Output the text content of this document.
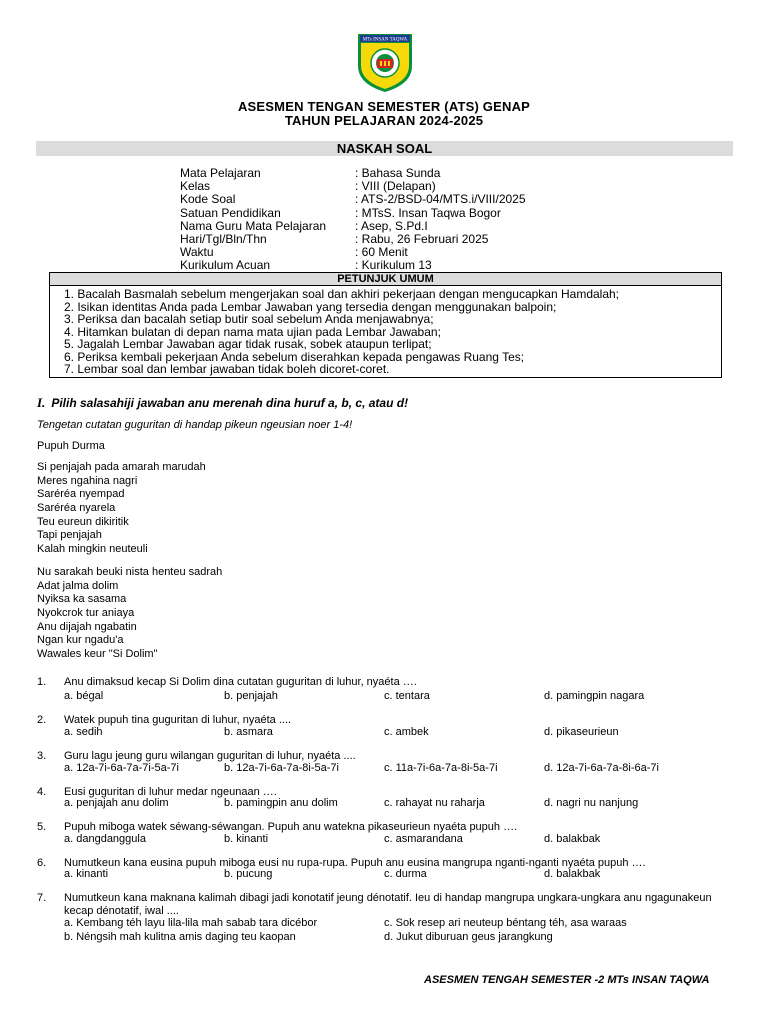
MTs INSAN TAQWA
ASESMEN TENGAN SEMESTER (ATS) GENAP
TAHUN PELAJARAN 2024-2025
NASKAH SOAL
Mata Pelajaran	: Bahasa Sunda
Kelas	: VIII (Delapan)
Kode Soal	: ATS-2/BSD-04/MTS.i/VIII/2025
Satuan Pendidikan	: MTsS. Insan Taqwa Bogor
Nama Guru Mata Pelajaran : Asep, S.Pd.I
Hari/Tgl/Bln/Thn	: Rabu, 26 Februari 2025
Waktu	: 60 Menit
Kurikulum Acuan	: Kurikulum 13
PETUNJUK UMUM
1. Bacalah Basmalah sebelum mengerjakan soal dan akhiri pekerjaan dengan mengucapkan Hamdalah;
2. Isikan identitas Anda pada Lembar Jawaban yang tersedia dengan menggunakan balpoin;
3. Periksa dan bacalah setiap butir soal sebelum Anda menjawabnya;
4. Hitamkan bulatan di depan nama mata ujian pada Lembar Jawaban;
5. Jagalah Lembar Jawaban agar tidak rusak, sobek ataupun terlipat;
6. Periksa kembali pekerjaan Anda sebelum diserahkan kepada pengawas Ruang Tes;
7. Lembar soal dan lembar jawaban tidak boleh dicoret-coret.
I. Pilih salasahiji jawaban anu merenah dina huruf a, b, c, atau d!
Tengetan cutatan guguritan di handap pikeun ngeusian noer 1-4!
Pupuh Durma
Si penjajah pada amarah marudah
Meres ngahina nagri
Saréréa nyempad
Saréréa nyarela
Teu eureun dikiritik
Tapi penjajah
Kalah mingkin neuteuli
Nu sarakah beuki nista henteu sadrah
Adat jalma dolim
Nyiksa ka sasama
Nyokcrok tur aniaya
Anu dijajah ngabatin
Ngan kur ngadu'a
Wawales keur "Si Dolim"
1. Anu dimaksud kecap Si Dolim dina cutatan guguritan di luhur, nyaéta ….
a. bégal	b. penjajah	c. tentara	d. pamingpin nagara
2. Watek pupuh tina guguritan di luhur, nyaéta ....
a. sedih	b. asmara	c. ambek	d. pikaseurieun
3. Guru lagu jeung guru wilangan guguritan di luhur, nyaéta ....
a. 12a-7i-6a-7a-7i-5a-7i	b. 12a-7i-6a-7a-8i-5a-7i	c. 11a-7i-6a-7a-8i-5a-7i	d. 12a-7i-6a-7a-8i-6a-7i
4. Eusi guguritan di luhur medar ngeunaan ….
a. penjajah anu dolim	b. pamingpin anu dolim	c. rahayat nu raharja	d. nagri nu nanjung
5. Pupuh miboga watek séwang-séwangan. Pupuh anu watekna pikaseurieun nyaéta pupuh ….
a. dangdanggula	b. kinanti	c. asmarandana	d. balakbak
6. Numutkeun kana eusina pupuh miboga eusi nu rupa-rupa. Pupuh anu eusina mangrupa nganti-nganti nyaéta pupuh ….
a. kinanti	b. pucung	c. durma	d. balakbak
7. Numutkeun kana maknana kalimah dibagi jadi konotatif jeung dénotatif. Ieu di handap mangrupa ungkara-ungkara anu ngagunakeun
kecap dénotatif, iwal ....
a. Kembang téh layu lila-lila mah sabab tara dicébor	c. Sok resep ari neuteup béntang téh, asa waraas
b. Néngsih mah kulitna amis daging teu kaopan	d. Jukut diburuan geus jarangkung
ASESMEN TENGAH SEMESTER -2 MTs INSAN TAQWA
